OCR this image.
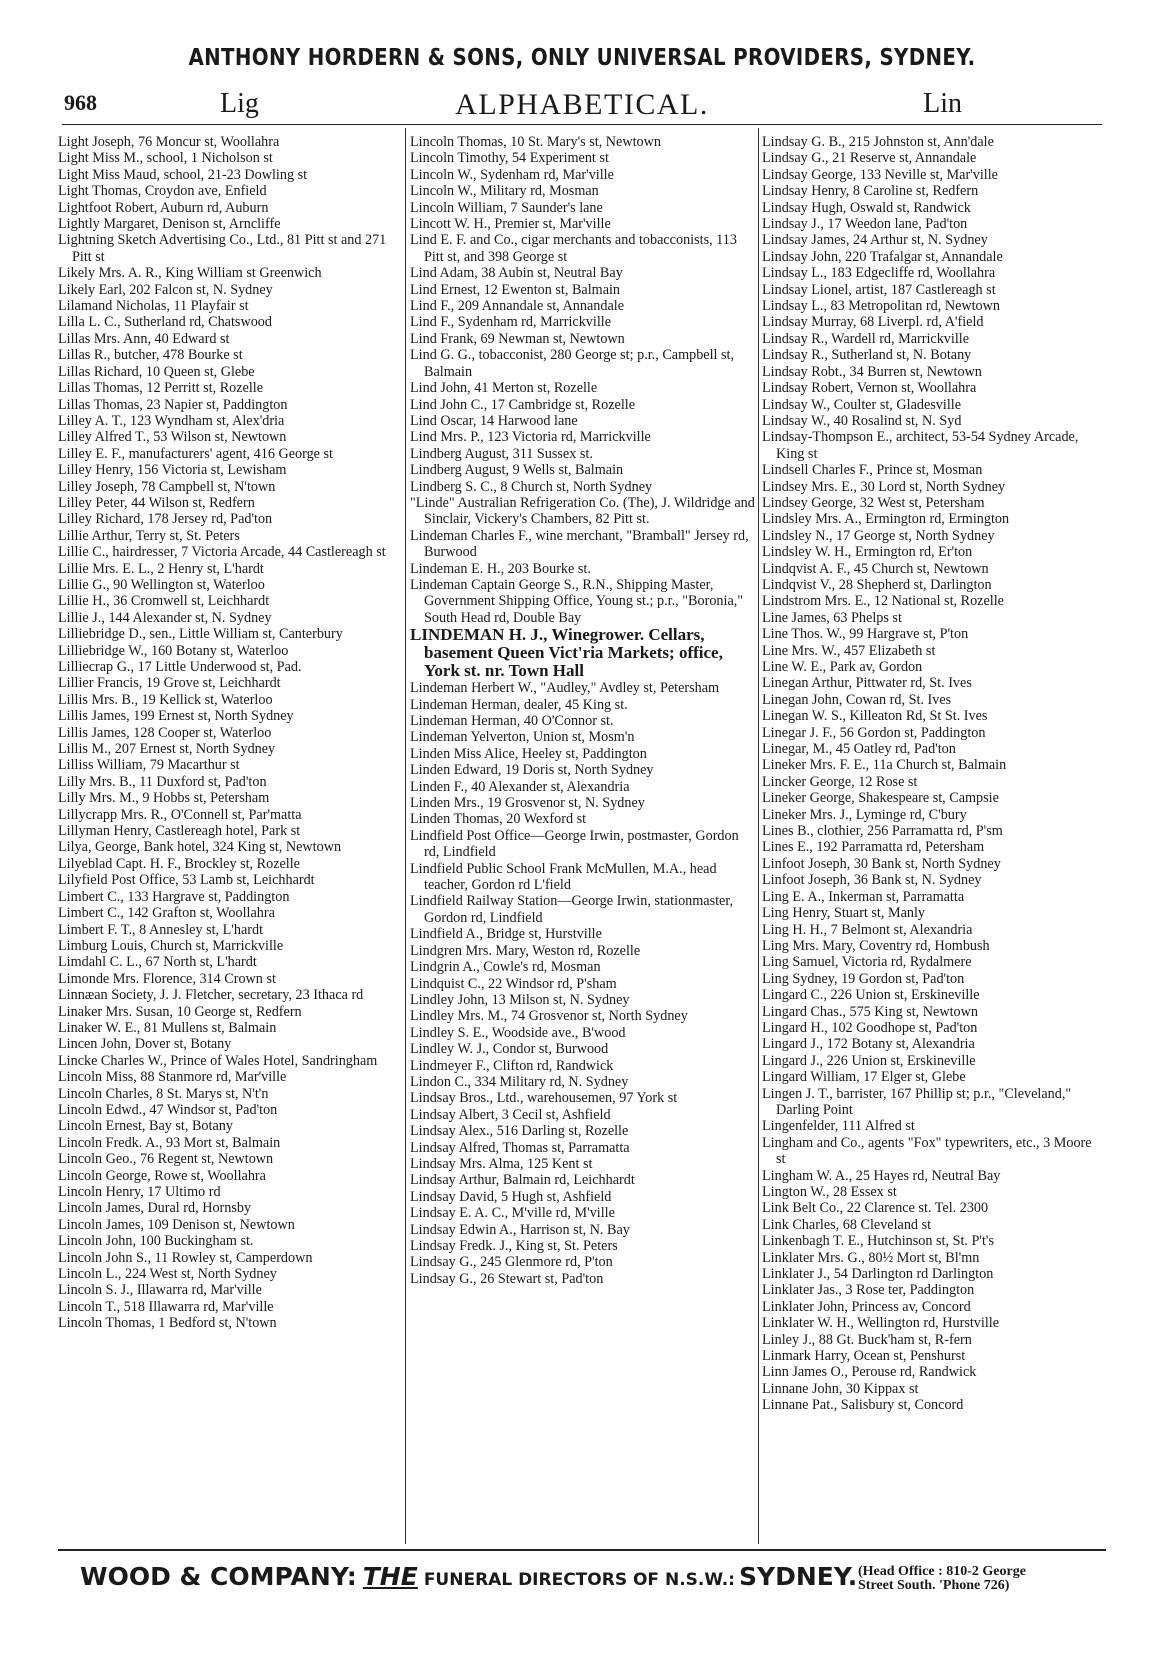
ANTHONY HORDERN & SONS, ONLY UNIVERSAL PROVIDERS, SYDNEY.
968	Lig	ALPHABETICAL.	Lin

Light Joseph, 76 Moncur st, Woollahra

Light Miss M., school, 1 Nicholson st

Light Miss Maud, school, 21-23 Dowling st

Light Thomas, Croydon ave, Enfield

Lightfoot Robert, Auburn rd, Auburn

Lightly Margaret, Denison st, Arncliffe

Lightning Sketch Advertising Co., Ltd., 81 Pitt st and 271 Pitt st

Likely Mrs. A. R., King William st Greenwich

Likely Earl, 202 Falcon st, N. Sydney

Lilamand Nicholas, 11 Playfair st

Lilla L. C., Sutherland rd, Chatswood

Lillas Mrs. Ann, 40 Edward st

Lillas R., butcher, 478 Bourke st

Lillas Richard, 10 Queen st, Glebe

Lillas Thomas, 12 Perritt st, Rozelle

Lillas Thomas, 23 Napier st, Paddington

Lilley A. T., 123 Wyndham st, Alex'dria

Lilley Alfred T., 53 Wilson st, Newtown

Lilley E. F., manufacturers' agent, 416 George st

Lilley Henry, 156 Victoria st, Lewisham

Lilley Joseph, 78 Campbell st, N'town

Lilley Peter, 44 Wilson st, Redfern

Lilley Richard, 178 Jersey rd, Pad'ton

Lillie Arthur, Terry st, St. Peters

Lillie C., hairdresser, 7 Victoria Arcade, 44 Castlereagh st

Lillie Mrs. E. L., 2 Henry st, L'hardt

Lillie G., 90 Wellington st, Waterloo

Lillie H., 36 Cromwell st, Leichhardt

Lillie J., 144 Alexander st, N. Sydney

Lilliebridge D., sen., Little William st, Canterbury

Lilliebridge W., 160 Botany st, Waterloo

Lilliecrap G., 17 Little Underwood st, Pad.

Lillier Francis, 19 Grove st, Leichhardt

Lillis Mrs. B., 19 Kellick st, Waterloo

Lillis James, 199 Ernest st, North Sydney

Lillis James, 128 Cooper st, Waterloo

Lillis M., 207 Ernest st, North Sydney

Lilliss William, 79 Macarthur st

Lilly Mrs. B., 11 Duxford st, Pad'ton

Lilly Mrs. M., 9 Hobbs st, Petersham

Lillycrapp Mrs. R., O'Connell st, Par'matta

Lillyman Henry, Castlereagh hotel, Park st

Lilya, George, Bank hotel, 324 King st, Newtown

Lilyeblad Capt. H. F., Brockley st, Rozelle

Lilyfield Post Office, 53 Lamb st, Leichhardt

Limbert C., 133 Hargrave st, Paddington

Limbert C., 142 Grafton st, Woollahra

Limbert F. T., 8 Annesley st, L'hardt

Limburg Louis, Church st, Marrickville

Limdahl C. L., 67 North st, L'hardt

Limonde Mrs. Florence, 314 Crown st

Linnæan Society, J. J. Fletcher, secretary, 23 Ithaca rd

Linaker Mrs. Susan, 10 George st, Redfern

Linaker W. E., 81 Mullens st, Balmain

Lincen John, Dover st, Botany

Lincke Charles W., Prince of Wales Hotel, Sandringham

Lincoln Miss, 88 Stanmore rd, Mar'ville

Lincoln Charles, 8 St. Marys st, N't'n

Lincoln Edwd., 47 Windsor st, Pad'ton

Lincoln Ernest, Bay st, Botany

Lincoln Fredk. A., 93 Mort st, Balmain

Lincoln Geo., 76 Regent st, Newtown

Lincoln George, Rowe st, Woollahra

Lincoln Henry, 17 Ultimo rd

Lincoln James, Dural rd, Hornsby

Lincoln James, 109 Denison st, Newtown

Lincoln John, 100 Buckingham st.

Lincoln John S., 11 Rowley st, Camperdown

Lincoln L., 224 West st, North Sydney

Lincoln S. J., Illawarra rd, Mar'ville

Lincoln T., 518 Illawarra rd, Mar'ville

Lincoln Thomas, 1 Bedford st, N'town

Lincoln Thomas, 10 St. Mary's st, Newtown

Lincoln Timothy, 54 Experiment st

Lincoln W., Sydenham rd, Mar'ville

Lincoln W., Military rd, Mosman

Lincoln William, 7 Saunder's lane

Lincott W. H., Premier st, Mar'ville

Lind E. F. and Co., cigar merchants and tobacconists, 113 Pitt st, and 398 George st

Lind Adam, 38 Aubin st, Neutral Bay

Lind Ernest, 12 Ewenton st, Balmain

Lind F., 209 Annandale st, Annandale

Lind F., Sydenham rd, Marrickville

Lind Frank, 69 Newman st, Newtown

Lind G. G., tobacconist, 280 George st; p.r., Campbell st, Balmain

Lind John, 41 Merton st, Rozelle

Lind John C., 17 Cambridge st, Rozelle

Lind Oscar, 14 Harwood lane

Lind Mrs. P., 123 Victoria rd, Marrickville

Lindberg August, 311 Sussex st.

Lindberg August, 9 Wells st, Balmain

Lindberg S. C., 8 Church st, North Sydney

"Linde" Australian Refrigeration Co. (The), J. Wildridge and Sinclair, Vickery's Chambers, 82 Pitt st.

Lindeman Charles F., wine merchant, "Bramball" Jersey rd, Burwood

Lindeman E. H., 203 Bourke st.

Lindeman Captain George S., R.N., Shipping Master, Government Shipping Office, Young st.; p.r., "Boronia," South Head rd, Double Bay

LINDEMAN H. J., Winegrower. Cellars, basement Queen Vict'ria Markets; office, York st. nr. Town Hall

Lindeman Herbert W., "Audley," Avdley st, Petersham

Lindeman Herman, dealer, 45 King st.

Lindeman Herman, 40 O'Connor st.

Lindeman Yelverton, Union st, Mosm'n

Linden Miss Alice, Heeley st, Paddington

Linden Edward, 19 Doris st, North Sydney

Linden F., 40 Alexander st, Alexandria

Linden Mrs., 19 Grosvenor st, N. Sydney

Linden Thomas, 20 Wexford st

Lindfield Post Office—George Irwin, postmaster, Gordon rd, Lindfield

Lindfield Public School Frank McMullen, M.A., head teacher, Gordon rd L'field

Lindfield Railway Station—George Irwin, stationmaster, Gordon rd, Lindfield

Lindfield A., Bridge st, Hurstville

Lindgren Mrs. Mary, Weston rd, Rozelle

Lindgrin A., Cowle's rd, Mosman

Lindquist C., 22 Windsor rd, P'sham

Lindley John, 13 Milson st, N. Sydney

Lindley Mrs. M., 74 Grosvenor st, North Sydney

Lindley S. E., Woodside ave., B'wood

Lindley W. J., Condor st, Burwood

Lindmeyer F., Clifton rd, Randwick

Lindon C., 334 Military rd, N. Sydney

Lindsay Bros., Ltd., warehousemen, 97 York st

Lindsay Albert, 3 Cecil st, Ashfield

Lindsay Alex., 516 Darling st, Rozelle

Lindsay Alfred, Thomas st, Parramatta

Lindsay Mrs. Alma, 125 Kent st

Lindsay Arthur, Balmain rd, Leichhardt

Lindsay David, 5 Hugh st, Ashfield

Lindsay E. A. C., M'ville rd, M'ville

Lindsay Edwin A., Harrison st, N. Bay

Lindsay Fredk. J., King st, St. Peters

Lindsay G., 245 Glenmore rd, P'ton

Lindsay G., 26 Stewart st, Pad'ton

Lindsay G. B., 215 Johnston st, Ann'dale

Lindsay G., 21 Reserve st, Annandale

Lindsay George, 133 Neville st, Mar'ville

Lindsay Henry, 8 Caroline st, Redfern

Lindsay Hugh, Oswald st, Randwick

Lindsay J., 17 Weedon lane, Pad'ton

Lindsay James, 24 Arthur st, N. Sydney

Lindsay John, 220 Trafalgar st, Annandale

Lindsay L., 183 Edgecliffe rd, Woollahra

Lindsay Lionel, artist, 187 Castlereagh st

Lindsay L., 83 Metropolitan rd, Newtown

Lindsay Murray, 68 Liverpl. rd, A'field

Lindsay R., Wardell rd, Marrickville

Lindsay R., Sutherland st, N. Botany

Lindsay Robt., 34 Burren st, Newtown

Lindsay Robert, Vernon st, Woollahra

Lindsay W., Coulter st, Gladesville

Lindsay W., 40 Rosalind st, N. Syd

Lindsay-Thompson E., architect, 53-54 Sydney Arcade, King st

Lindsell Charles F., Prince st, Mosman

Lindsey Mrs. E., 30 Lord st, North Sydney

Lindsey George, 32 West st, Petersham

Lindsley Mrs. A., Ermington rd, Ermington

Lindsley N., 17 George st, North Sydney

Lindsley W. H., Ermington rd, Er'ton

Lindqvist A. F., 45 Church st, Newtown

Lindqvist V., 28 Shepherd st, Darlington

Lindstrom Mrs. E., 12 National st, Rozelle

Line James, 63 Phelps st

Line Thos. W., 99 Hargrave st, P'ton

Line Mrs. W., 457 Elizabeth st

Line W. E., Park av, Gordon

Linegan Arthur, Pittwater rd, St. Ives

Linegan John, Cowan rd, St. Ives

Linegan W. S., Killeaton Rd, St St. Ives

Linegar J. F., 56 Gordon st, Paddington

Linegar, M., 45 Oatley rd, Pad'ton

Lineker Mrs. F. E., 11a Church st, Balmain

Lincker George, 12 Rose st

Lineker George, Shakespeare st, Campsie

Lineker Mrs. J., Lyminge rd, C'bury

Lines B., clothier, 256 Parramatta rd, P'sm

Lines E., 192 Parramatta rd, Petersham

Linfoot Joseph, 30 Bank st, North Sydney

Linfoot Joseph, 36 Bank st, N. Sydney

Ling E. A., Inkerman st, Parramatta

Ling Henry, Stuart st, Manly

Ling H. H., 7 Belmont st, Alexandria

Ling Mrs. Mary, Coventry rd, Hombush

Ling Samuel, Victoria rd, Rydalmere

Ling Sydney, 19 Gordon st, Pad'ton

Lingard C., 226 Union st, Erskineville

Lingard Chas., 575 King st, Newtown

Lingard H., 102 Goodhope st, Pad'ton

Lingard J., 172 Botany st, Alexandria

Lingard J., 226 Union st, Erskineville

Lingard William, 17 Elger st, Glebe

Lingen J. T., barrister, 167 Phillip st; p.r., "Cleveland," Darling Point

Lingenfelder, 111 Alfred st

Lingham and Co., agents "Fox" typewriters, etc., 3 Moore st

Lingham W. A., 25 Hayes rd, Neutral Bay

Lington W., 28 Essex st

Link Belt Co., 22 Clarence st. Tel. 2300

Link Charles, 68 Cleveland st

Linkenbagh T. E., Hutchinson st, St. P't's

Linklater Mrs. G., 80½ Mort st, Bl'mn

Linklater J., 54 Darlington rd Darlington

Linklater Jas., 3 Rose ter, Paddington

Linklater John, Princess av, Concord

Linklater W. H., Wellington rd, Hurstville

Linley J., 88 Gt. Buck'ham st, R-fern

Linmark Harry, Ocean st, Penshurst

Linn James O., Perouse rd, Randwick

Linnane John, 30 Kippax st

Linnane Pat., Salisbury st, Concord

WOOD & COMPANY: THE FUNERAL DIRECTORS OF N.S.W.: SYDNEY. (Head Office : 810-2 George
Street South. 'Phone 726)
